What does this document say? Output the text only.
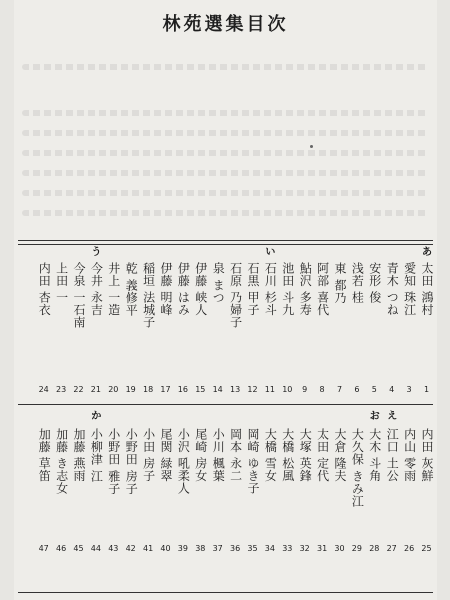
林苑選集目次
太田鴻村
1
愛知珠江
3
青木つね
4
安形俊
5
浅若桂
6
東都乃
7
阿部喜代
8
鮎沢多寿
9
池田斗九
10
石川杉斗
11
石黒甲子
12
石原乃婦子
13
泉まつ
14
伊藤峡人
15
伊藤はみ
16
伊藤明峰
17
稲垣法城子
18
乾義修平
19
井上一造
20
今井永吉
21
今泉一石南
22
上田一
23
内田杏衣
24
あ
い
う
内田灰鮮
25
内山零雨
26
江口土公
27
大木斗角
28
大久保きみ江
29
大倉隆夫
30
太田定代
31
大塚英鋒
32
大橋松風
33
大橋雪女
34
岡崎ゆき子
35
岡本永二
36
小川楓葉
37
尾崎房女
38
小沢吼柔人
39
尾関緑翠
40
小田房子
41
小野田房子
42
小野田雅子
43
小柳津江
44
加藤燕雨
45
加藤き志女
46
加藤草笛
47
え
お
か
